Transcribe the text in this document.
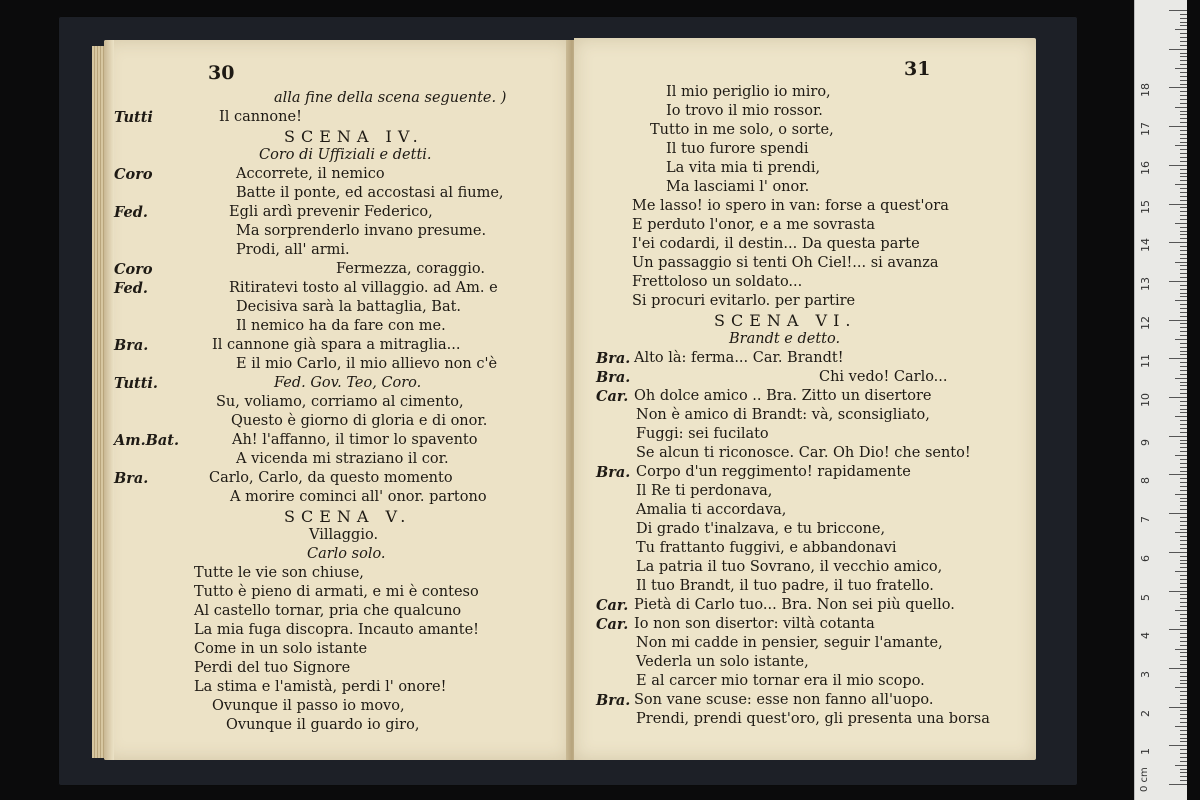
30
alla fine della scena seguente. )
Tutti	Il cannone!
SCENA IV.
Coro di Uffiziali e detti.
Coro	Accorrete, il nemico
Batte il ponte, ed accostasi al fiume,
Fed.	Egli ardì prevenir Federico,
Ma sorprenderlo invano presume.
Prodi, all' armi.
Coro	Fermezza, coraggio.
Fed.	Ritiratevi tosto al villaggio. ad Am. e
Decisiva sarà la battaglia, Bat.
Il nemico ha da fare con me.
Bra.	Il cannone già spara a mitraglia...
E il mio Carlo, il mio allievo non c'è
Tutti.	Fed. Gov. Teo, Coro.
Su, voliamo, corriamo al cimento,
Questo è giorno di gloria e di onor.
Am.Bat.	Ah! l'affanno, il timor lo spavento
A vicenda mi straziano il cor.
Bra.	Carlo, Carlo, da questo momento
A morire cominci all' onor. partono
SCENA V.
Villaggio.
Carlo solo.
Tutte le vie son chiuse,
Tutto è pieno di armati, e mi è conteso
Al castello tornar, pria che qualcuno
La mia fuga discopra. Incauto amante!
Come in un solo istante
Perdi del tuo Signore
La stima e l'amistà, perdi l' onore!
Ovunque il passo io movo,
Ovunque il guardo io giro,
31
Il mio periglio io miro,
Io trovo il mio rossor.
Tutto in me solo, o sorte,
Il tuo furore spendi
La vita mia ti prendi,
Ma lasciami l' onor.
Me lasso! io spero in van: forse a quest'ora
E perduto l'onor, e a me sovrasta
I'ei codardi, il destin... Da questa parte
Un passaggio si tenti Oh Ciel!... si avanza
Frettoloso un soldato...
Si procuri evitarlo. per partire
SCENA VI.
Brandt e detto.
Bra. Alto là: ferma... Car. Brandt!
Bra.	Chi vedo! Carlo...
Car. Oh dolce amico .. Bra. Zitto un disertore
Non è amico di Brandt: và, sconsigliato,
Fuggi: sei fucilato
Se alcun ti riconosce. Car. Oh Dio! che sento!
Bra. Corpo d'un reggimento! rapidamente
Il Re ti perdonava,
Amalia ti accordava,
Di grado t'inalzava, e tu briccone,
Tu frattanto fuggivi, e abbandonavi
La patria il tuo Sovrano, il vecchio amico,
Il tuo Brandt, il tuo padre, il tuo fratello.
Car. Pietà di Carlo tuo... Bra. Non sei più quello.
Car. Io non son disertor: viltà cotanta
Non mi cadde in pensier, seguir l'amante,
Vederla un solo istante,
E al carcer mio tornar era il mio scopo.
Bra. Son vane scuse: esse non fanno all'uopo.
Prendi, prendi quest'oro, gli presenta una borsa
1
2
3
4
5
6
7
8
9
10
11
12
13
14
15
16
17
18
0 cm
